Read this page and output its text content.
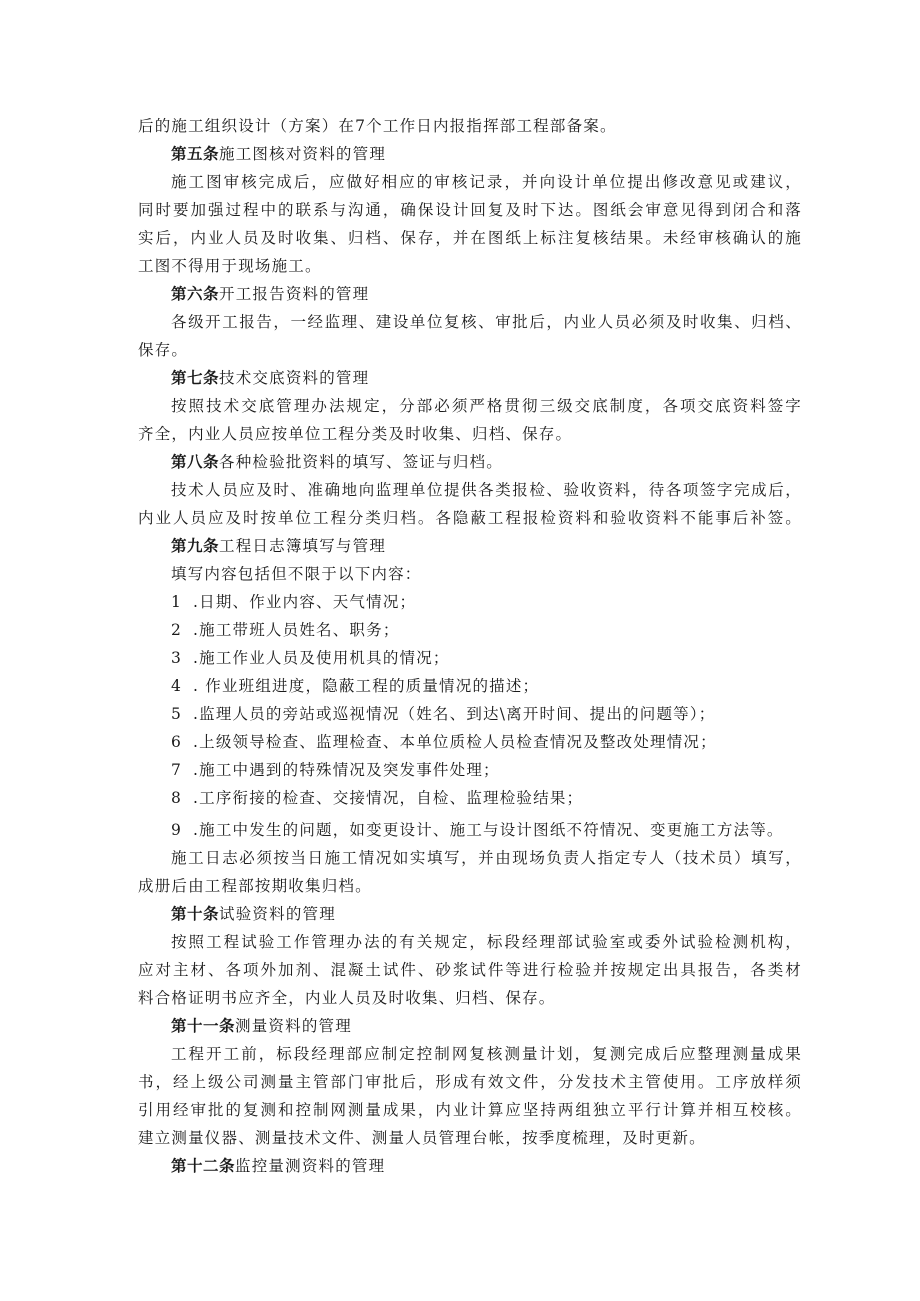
后的施工组织设计（方案）在7个工作日内报指挥部工程部备案。
第五条施工图核对资料的管理
施工图审核完成后，应做好相应的审核记录，并向设计单位提出修改意见或建议，
同时要加强过程中的联系与沟通，确保设计回复及时下达。图纸会审意见得到闭合和落
实后，内业人员及时收集、归档、保存，并在图纸上标注复核结果。未经审核确认的施
工图不得用于现场施工。
第六条开工报告资料的管理
各级开工报告，一经监理、建设单位复核、审批后，内业人员必须及时收集、归档、
保存。
第七条技术交底资料的管理
按照技术交底管理办法规定，分部必须严格贯彻三级交底制度，各项交底资料签字
齐全，内业人员应按单位工程分类及时收集、归档、保存。
第八条各种检验批资料的填写、签证与归档。
技术人员应及时、准确地向监理单位提供各类报检、验收资料，待各项签字完成后，
内业人员应及时按单位工程分类归档。各隐蔽工程报检资料和验收资料不能事后补签。
第九条工程日志簿填写与管理
填写内容包括但不限于以下内容：
1 .日期、作业内容、天气情况；
2 .施工带班人员姓名、职务；
3 .施工作业人员及使用机具的情况；
4 . 作业班组进度，隐蔽工程的质量情况的描述；
5 .监理人员的旁站或巡视情况（姓名、到达\离开时间、提出的问题等）；
6 .上级领导检查、监理检查、本单位质检人员检查情况及整改处理情况；
7 .施工中遇到的特殊情况及突发事件处理；
8 .工序衔接的检查、交接情况，自检、监理检验结果；
9 .施工中发生的问题，如变更设计、施工与设计图纸不符情况、变更施工方法等。
施工日志必须按当日施工情况如实填写，并由现场负责人指定专人（技术员）填写，
成册后由工程部按期收集归档。
第十条试验资料的管理
按照工程试验工作管理办法的有关规定，标段经理部试验室或委外试验检测机构，
应对主材、各项外加剂、混凝土试件、砂浆试件等进行检验并按规定出具报告，各类材
料合格证明书应齐全，内业人员及时收集、归档、保存。
第十一条测量资料的管理
工程开工前，标段经理部应制定控制网复核测量计划，复测完成后应整理测量成果
书，经上级公司测量主管部门审批后，形成有效文件，分发技术主管使用。工序放样须
引用经审批的复测和控制网测量成果，内业计算应坚持两组独立平行计算并相互校核。
建立测量仪器、测量技术文件、测量人员管理台帐，按季度梳理，及时更新。
第十二条监控量测资料的管理
